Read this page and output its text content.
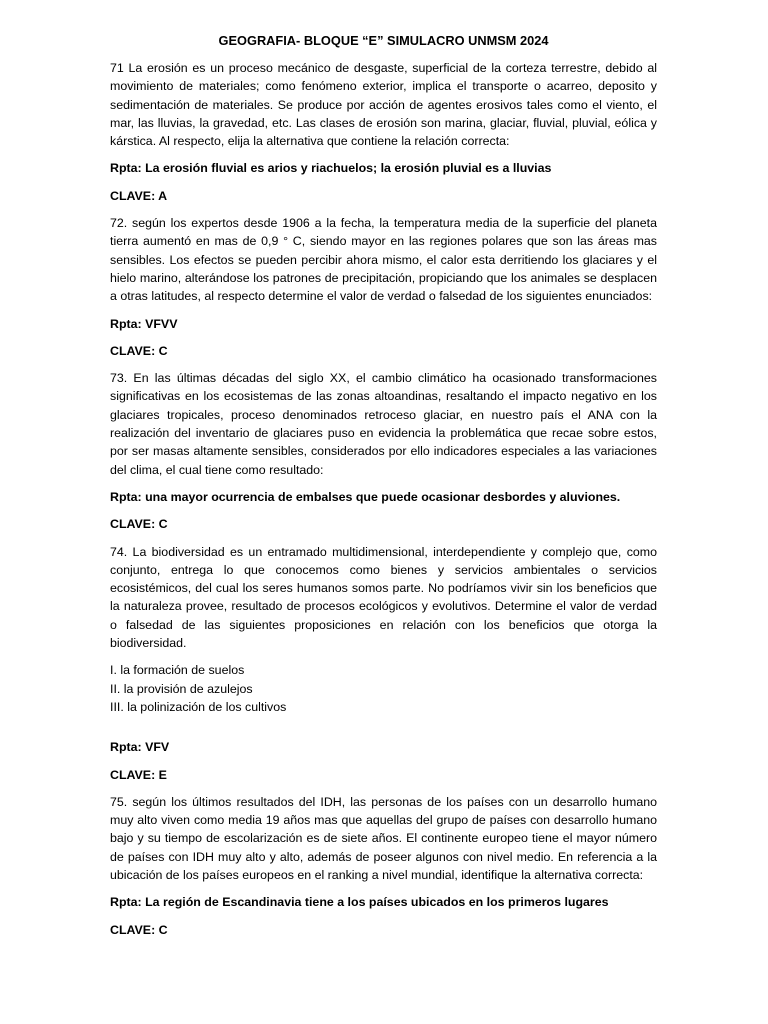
GEOGRAFIA- BLOQUE “E” SIMULACRO UNMSM 2024

71 La erosión es un proceso mecánico de desgaste, superficial de la corteza terrestre, debido al movimiento de materiales; como fenómeno exterior, implica el transporte o acarreo, deposito y sedimentación de materiales. Se produce por acción de agentes erosivos tales como el viento, el mar, las lluvias, la gravedad, etc. Las clases de erosión son marina, glaciar, fluvial, pluvial, eólica y kárstica. Al respecto, elija la alternativa que contiene la relación correcta:

Rpta: La erosión fluvial es arios y riachuelos; la erosión pluvial es a lluvias

CLAVE: A

72. según los expertos desde 1906 a la fecha, la temperatura media de la superficie del planeta tierra aumentó en mas de 0,9 ° C, siendo mayor en las regiones polares que son las áreas mas sensibles. Los efectos se pueden percibir ahora mismo, el calor esta derritiendo los glaciares y el hielo marino, alterándose los patrones de precipitación, propiciando que los animales se desplacen a otras latitudes, al respecto determine el valor de verdad o falsedad de los siguientes enunciados:

Rpta: VFVV

CLAVE: C

73. En las últimas décadas del siglo XX, el cambio climático ha ocasionado transformaciones significativas en los ecosistemas de las zonas altoandinas, resaltando el impacto negativo en los glaciares tropicales, proceso denominados retroceso glaciar, en nuestro país el ANA con la realización del inventario de glaciares puso en evidencia la problemática que recae sobre estos, por ser masas altamente sensibles, considerados por ello indicadores especiales a las variaciones del clima, el cual tiene como resultado:

Rpta: una mayor ocurrencia de embalses que puede ocasionar desbordes y aluviones.

CLAVE: C

74. La biodiversidad es un entramado multidimensional, interdependiente y complejo que, como conjunto, entrega lo que conocemos como bienes y servicios ambientales o servicios ecosistémicos, del cual los seres humanos somos parte. No podríamos vivir sin los beneficios que la naturaleza provee, resultado de procesos ecológicos y evolutivos. Determine el valor de verdad o falsedad de las siguientes proposiciones en relación con los beneficios que otorga la biodiversidad.

I. la formación de suelos
II. la provisión de azulejos
III. la polinización de los cultivos

Rpta: VFV

CLAVE: E

75. según los últimos resultados del IDH, las personas de los países con un desarrollo humano muy alto viven como media 19 años mas que aquellas del grupo de países con desarrollo humano bajo y su tiempo de escolarización es de siete años. El continente europeo tiene el mayor número de países con IDH muy alto y alto, además de poseer algunos con nivel medio. En referencia a la ubicación de los países europeos en el ranking a nivel mundial, identifique la alternativa correcta:

Rpta: La región de Escandinavia tiene a los países ubicados en los primeros lugares

CLAVE: C
